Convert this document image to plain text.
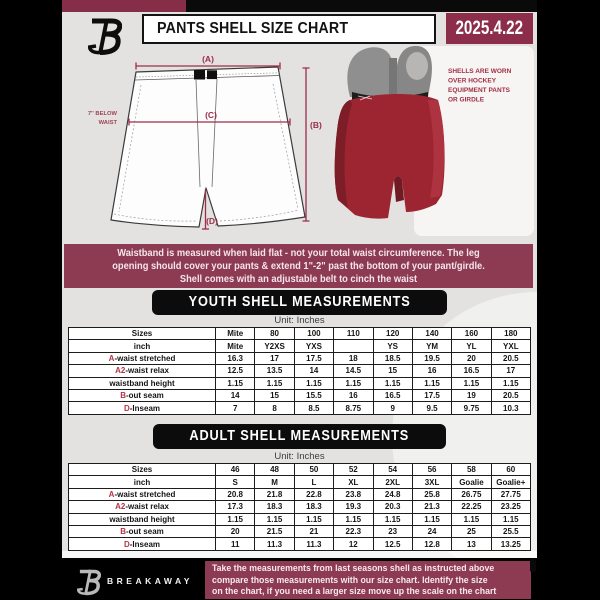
PANTS SHELL SIZE CHART	2025.4.22
(A)
(B)
(C)
(D)
7'' BELOW
WAIST
SHELLS ARE WORN
OVER HOCKEY
EQUIPMENT PANTS
OR GIRDLE
Waistband is measured when laid flat - not your total waist circumference. The leg
opening should cover your pants & extend 1"-2" past the bottom of your pant/girdle.
Shell comes with an adjustable belt to cinch the waist
YOUTH SHELL MEASUREMENTS
Unit: Inches
Sizes	Mite	80	100	110	120	140	160	180
inch	Mite	Y2XS	YXS		YS	YM	YL	YXL
A-waist stretched	16.3	17	17.5	18	18.5	19.5	20	20.5
A2-waist relax	12.5	13.5	14	14.5	15	16	16.5	17
waistband height	1.15	1.15	1.15	1.15	1.15	1.15	1.15	1.15
B-out seam	14	15	15.5	16	16.5	17.5	19	20.5
D-Inseam	7	8	8.5	8.75	9	9.5	9.75	10.3
ADULT SHELL MEASUREMENTS
Unit: Inches
Sizes	46	48	50	52	54	56	58	60
inch	S	M	L	XL	2XL	3XL	Goalie	Goalie+
A-waist stretched	20.8	21.8	22.8	23.8	24.8	25.8	26.75	27.75
A2-waist relax	17.3	18.3	18.3	19.3	20.3	21.3	22.25	23.25
waistband height	1.15	1.15	1.15	1.15	1.15	1.15	1.15	1.15
B-out seam	20	21.5	21	22.3	23	24	25	25.5
D-Inseam	11	11.3	11.3	12	12.5	12.8	13	13.25
BREAKAWAY
Take the measurements from last seasons shell as instructed above
compare those measurements with our size chart. Identify the size
on the chart, if you need a larger size move up the scale on the chart
